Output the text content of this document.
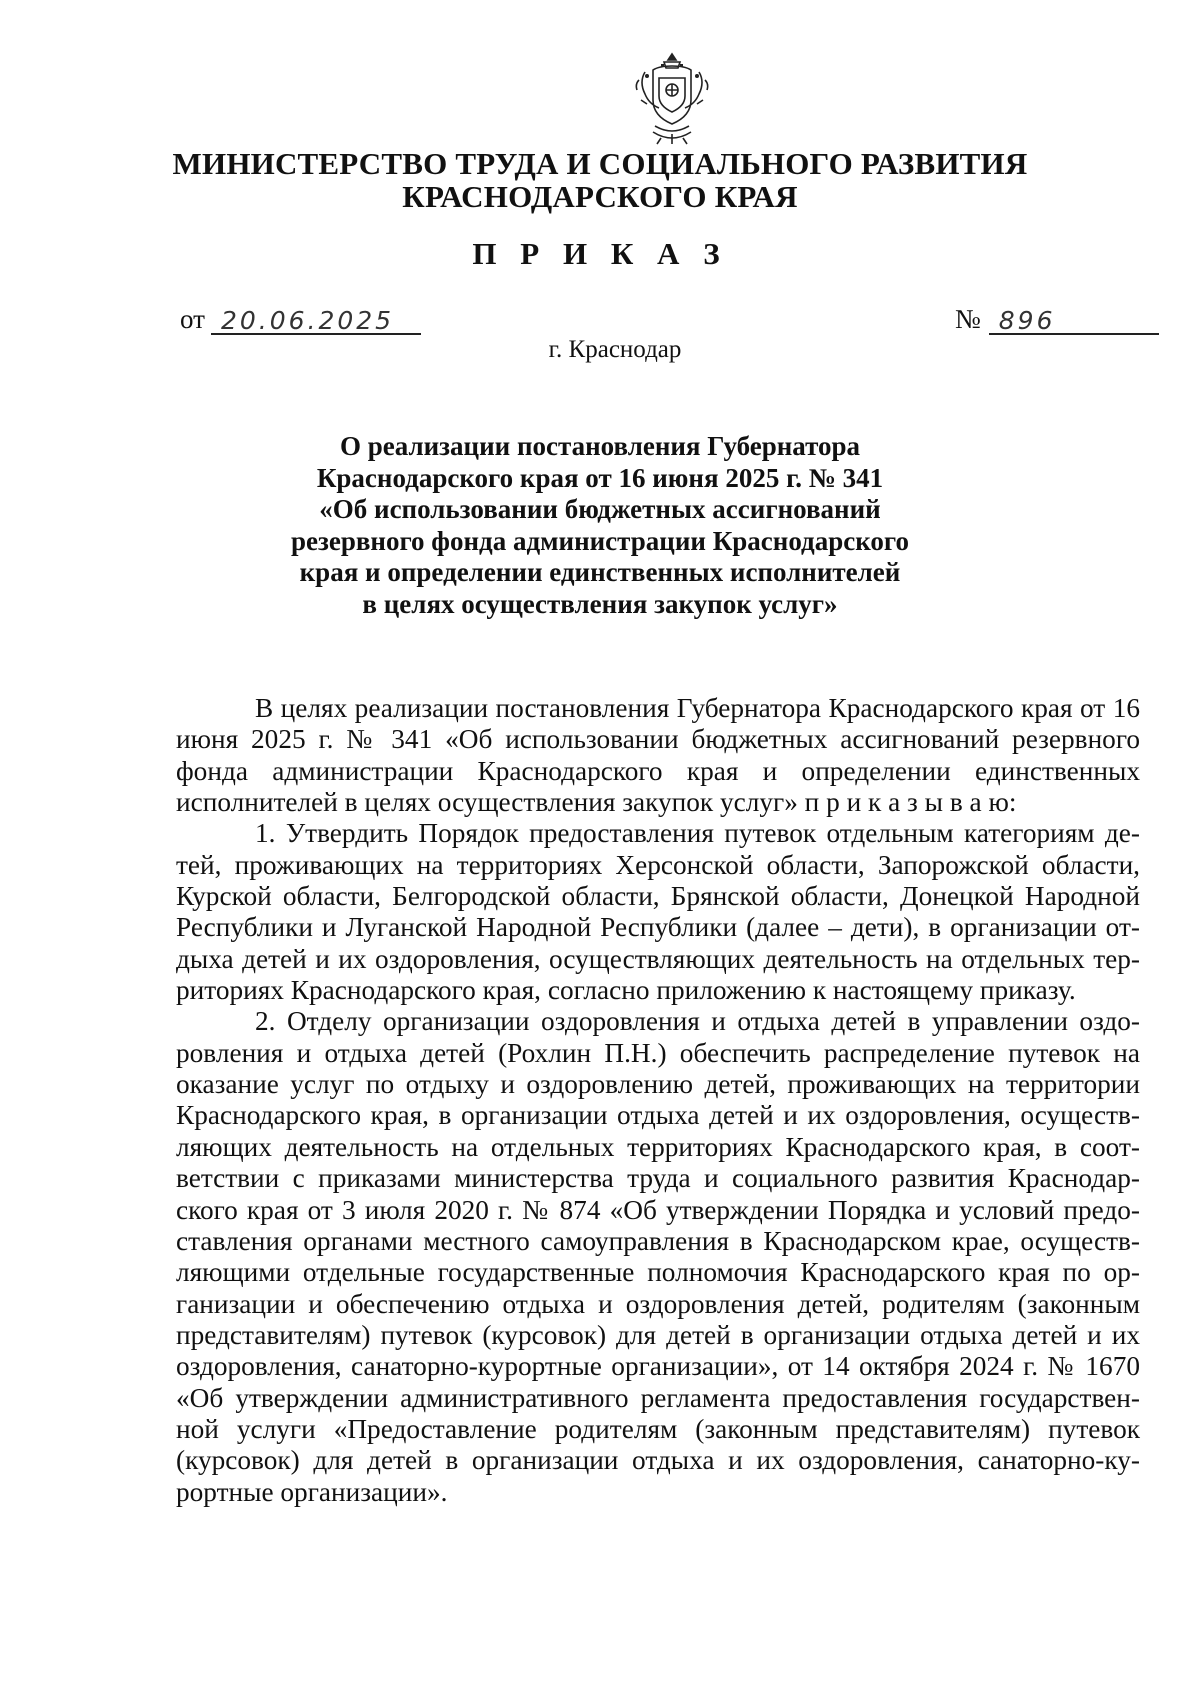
МИНИСТЕРСТВО ТРУДА И СОЦИАЛЬНОГО РАЗВИТИЯ
КРАСНОДАРСКОГО КРАЯ
П Р И К А З
от 20.06.2025	№ 896
г. Краснодар
О реализации постановления Губернатора
Краснодарского края от 16 июня 2025 г. № 341
«Об использовании бюджетных ассигнований
резервного фонда администрации Краснодарского
края и определении единственных исполнителей
в целях осуществления закупок услуг»

В целях реализации постановления Губернатора Краснодарского края от 16 июня 2025 г. № 341 «Об использовании бюджетных ассигнований резервного фонда администрации Краснодарского края и определении единственных исполнителей в целях осуществления закупок услуг» п р и к а з ы в а ю:

1. Утвердить Порядок предоставления путевок отдельным категориям детей, проживающих на территориях Херсонской области, Запорожской области, Курской области, Белгородской области, Брянской области, Донецкой Народной Республики и Луганской Народной Республики (далее – дети), в организации отдыха детей и их оздоровления, осуществляющих деятельность на отдельных территориях Краснодарского края, согласно приложению к настоящему приказу.

2. Отделу организации оздоровления и отдыха детей в управлении оздоровления и отдыха детей (Рохлин П.Н.) обеспечить распределение путевок на оказание услуг по отдыху и оздоровлению детей, проживающих на территории Краснодарского края, в организации отдыха детей и их оздоровления, осуществляющих деятельность на отдельных территориях Краснодарского края, в соответствии с приказами министерства труда и социального развития Краснодарского края от 3 июля 2020 г. № 874 «Об утверждении Порядка и условий предоставления органами местного самоуправления в Краснодарском крае, осуществляющими отдельные государственные полномочия Краснодарского края по организации и обеспечению отдыха и оздоровления детей, родителям (законным представителям) путевок (курсовок) для детей в организации отдыха детей и их оздоровления, санаторно-курортные организации», от 14 октября 2024 г. № 1670 «Об утверждении административного регламента предоставления государственной услуги «Предоставление родителям (законным представителям) путевок (курсовок) для детей в организации отдыха и их оздоровления, санаторно-курортные организации».
